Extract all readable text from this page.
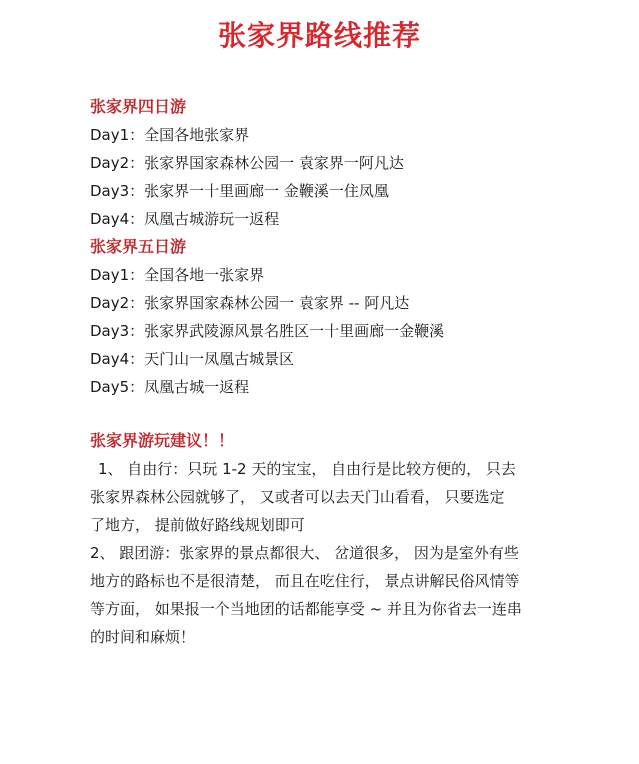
张家界路线推荐
张家界四日游
Day1：全国各地张家界
Day2：张家界国家森林公园一 袁家界一阿凡达
Day3：张家界一十里画廊一 金鞭溪一住凤凰
Day4：凤凰古城游玩一返程
张家界五日游
Day1：全国各地一张家界
Day2：张家界国家森林公园一 袁家界 -- 阿凡达
Day3：张家界武陵源风景名胜区一十里画廊一金鞭溪
Day4：天门山一凤凰古城景区
Day5：凤凰古城一返程
张家界游玩建议！！
1、 自由行：只玩 1-2 天的宝宝， 自由行是比较方便的， 只去
张家界森林公园就够了， 又或者可以去天门山看看， 只要选定
了地方， 提前做好路线规划即可
2、 跟团游：张家界的景点都很大、 岔道很多， 因为是室外有些
地方的路标也不是很清楚， 而且在吃住行， 景点讲解民俗风情等
等方面， 如果报一个当地团的话都能享受 ~ 并且为你省去一连串
的时间和麻烦！
